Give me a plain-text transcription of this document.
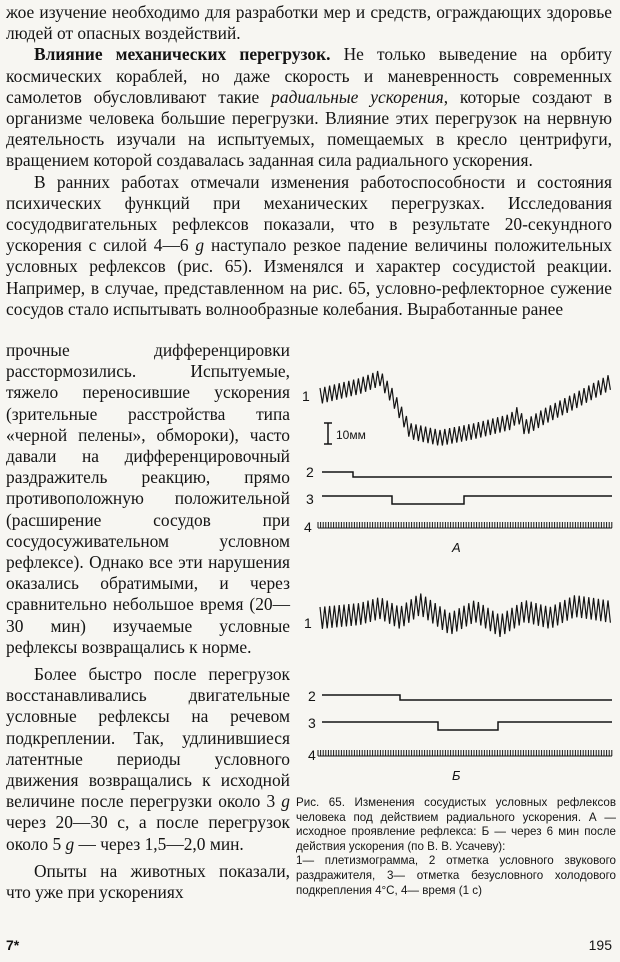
жое изучение необходимо для разработки мер и средств, ограждающих здоровье людей от опасных воздействий.

Влияние механических перегрузок. Не только выведение на орбиту космических кораблей, но даже скорость и маневренность современных самолетов обусловливают такие радиальные ускорения, которые создают в организме человека большие перегрузки. Влияние этих перегрузок на нервную деятельность изучали на испытуемых, помещаемых в кресло центрифуги, вращением которой создавалась заданная сила радиального ускорения.

В ранних работах отмечали изменения работоспособности и состояния психических функций при механических перегрузках. Исследования сосудодвигательных рефлексов показали, что в результате 20-секундного ускорения с силой 4—6 g наступало резкое падение величины положительных условных рефлексов (рис. 65). Изменялся и характер сосудистой реакции. Например, в случае, представленном на рис. 65, условно-рефлекторное сужение сосудов стало испытывать волнообразные колебания. Выработанные ранее

прочные дифференцировки расстормозились. Испытуемые, тяжело переносившие ускорения (зрительные расстройства типа «черной пелены», обмороки), часто давали на дифференцировочный раздражитель реакцию, прямо противоположную положительной (расширение сосудов при сосудосуживательном условном рефлексе). Однако все эти нарушения оказались обратимыми, и через сравнительно небольшое время (20—30 мин) изучаемые условные рефлексы возвращались к норме.

Более быстро после перегрузок восстанавливались двигательные условные рефлексы на речевом подкреплении. Так, удлинившиеся латентные периоды условного движения возвращались к исходной величине после перегрузки около 3 g через 20—30 с, а после перегрузок около 5 g — через 1,5—2,0 мин.

Опыты на животных показали, что уже при ускорениях

1
10мм
2
3
4
А
1
2
3
4
Б

Рис. 65. Изменения сосудистых условных рефлексов человека под действием радиального ускорения. А — исходное проявление рефлекса: Б — через 6 мин после действия ускорения (по В. В. Усачеву):

1— плетизмограмма, 2 отметка условного звукового раздражителя, 3— отметка безусловного холодового подкрепления 4°С, 4— время (1 с)

7*	195
